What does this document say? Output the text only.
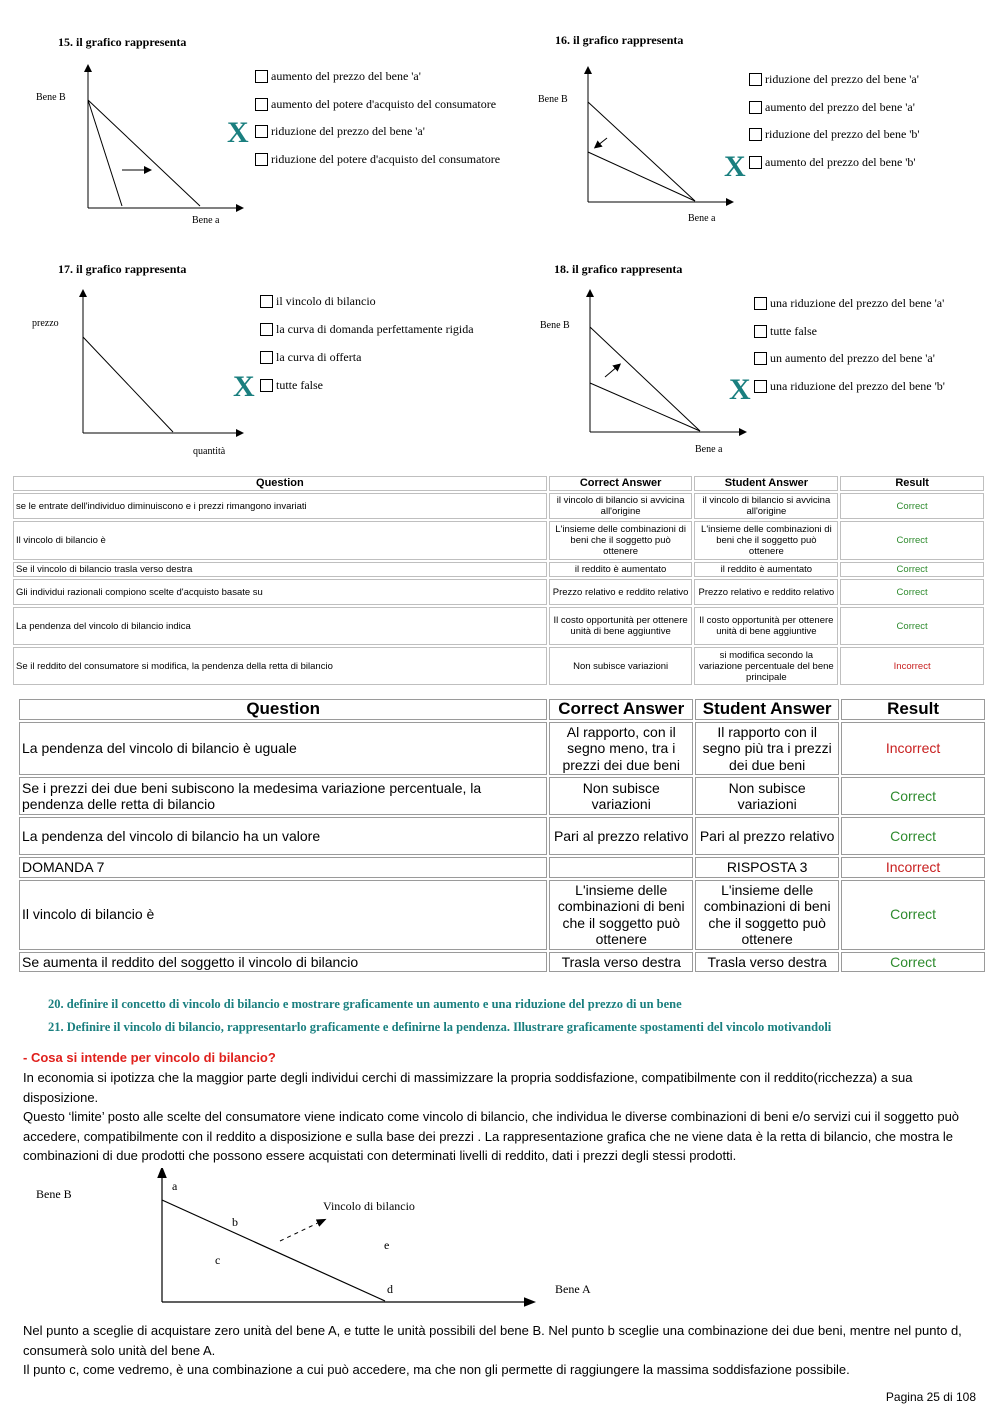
15. il grafico rappresenta
Bene B
Bene a
aumento del prezzo del bene 'a'
aumento del potere d'acquisto del consumatore
riduzione del prezzo del bene 'a'
riduzione del potere d'acquisto del consumatore
X
16. il grafico rappresenta
Bene B
Bene a
riduzione del prezzo del bene 'a'
aumento del prezzo del bene 'a'
riduzione del prezzo del bene 'b'
aumento del prezzo del bene 'b'
X
17. il grafico rappresenta
prezzo
quantità
il vincolo di bilancio
la curva di domanda perfettamente rigida
la curva di offerta
tutte false
X
18. il grafico rappresenta
Bene B
Bene a
una riduzione del prezzo del bene 'a'
tutte false
un aumento del prezzo del bene 'a'
una riduzione del prezzo del bene 'b'
X
Question	Correct Answer	Student Answer	Result
se le entrate dell'individuo diminuiscono e i prezzi rimangono invariati	il vincolo di bilancio si avvicina all'origine	il vincolo di bilancio si avvicina all'origine	Correct
Il vincolo di bilancio è	L'insieme delle combinazioni di beni che il soggetto può ottenere	L'insieme delle combinazioni di beni che il soggetto può ottenere	Correct
Se il vincolo di bilancio trasla verso destra	il reddito è aumentato	il reddito è aumentato	Correct
Gli individui razionali compiono scelte d'acquisto basate su	Prezzo relativo e reddito relativo	Prezzo relativo e reddito relativo	Correct
La pendenza del vincolo di bilancio indica	Il costo opportunità per ottenere unità di bene aggiuntive	Il costo opportunità per ottenere unità di bene aggiuntive	Correct
Se il reddito del consumatore si modifica, la pendenza della retta di bilancio	Non subisce variazioni	si modifica secondo la variazione percentuale del bene principale	Incorrect
Question	Correct Answer	Student Answer	Result
La pendenza del vincolo di bilancio è uguale	Al rapporto, con il segno meno, tra i prezzi dei due beni	Il rapporto con il segno più tra i prezzi dei due beni	Incorrect
Se i prezzi dei due beni subiscono la medesima variazione percentuale, la pendenza delle retta di bilancio	Non subisce variazioni	Non subisce variazioni	Correct
La pendenza del vincolo di bilancio ha un valore	Pari al prezzo relativo	Pari al prezzo relativo	Correct
DOMANDA 7		RISPOSTA 3	Incorrect
Il vincolo di bilancio è	L'insieme delle combinazioni di beni che il soggetto può ottenere	L'insieme delle combinazioni di beni che il soggetto può ottenere	Correct
Se aumenta il reddito del soggetto il vincolo di bilancio	Trasla verso destra	Trasla verso destra	Correct
20. definire il concetto di vincolo di bilancio e mostrare graficamente un aumento e una riduzione del prezzo di un bene
21. Definire il vincolo di bilancio, rappresentarlo graficamente e definirne la pendenza. Illustrare graficamente spostamenti del vincolo motivandoli
- Cosa si intende per vincolo di bilancio?
In economia si ipotizza che la maggior parte degli individui cerchi di massimizzare la propria soddisfazione, compatibilmente con il reddito(ricchezza) a sua disposizione.
Questo ‘limite’ posto alle scelte del consumatore viene indicato come vincolo di bilancio, che individua le diverse combinazioni di beni e/o servizi cui il soggetto può accedere, compatibilmente con il reddito a disposizione e sulla base dei prezzi . La rappresentazione grafica che ne viene data è la retta di bilancio, che mostra le combinazioni di due prodotti che possono essere acquistati con determinati livelli di reddito, dati i prezzi degli stessi prodotti.
Bene B
Bene A
Vincolo di bilancio
a
b
c
d
e
Nel punto a sceglie di acquistare zero unità del bene A, e tutte le unità possibili del bene B. Nel punto b sceglie una combinazione dei due beni, mentre nel punto d, consumerà solo unità del bene A.
Il punto c, come vedremo, è una combinazione a cui può accedere, ma che non gli permette di raggiungere la massima soddisfazione possibile.
Pagina 25 di 108
